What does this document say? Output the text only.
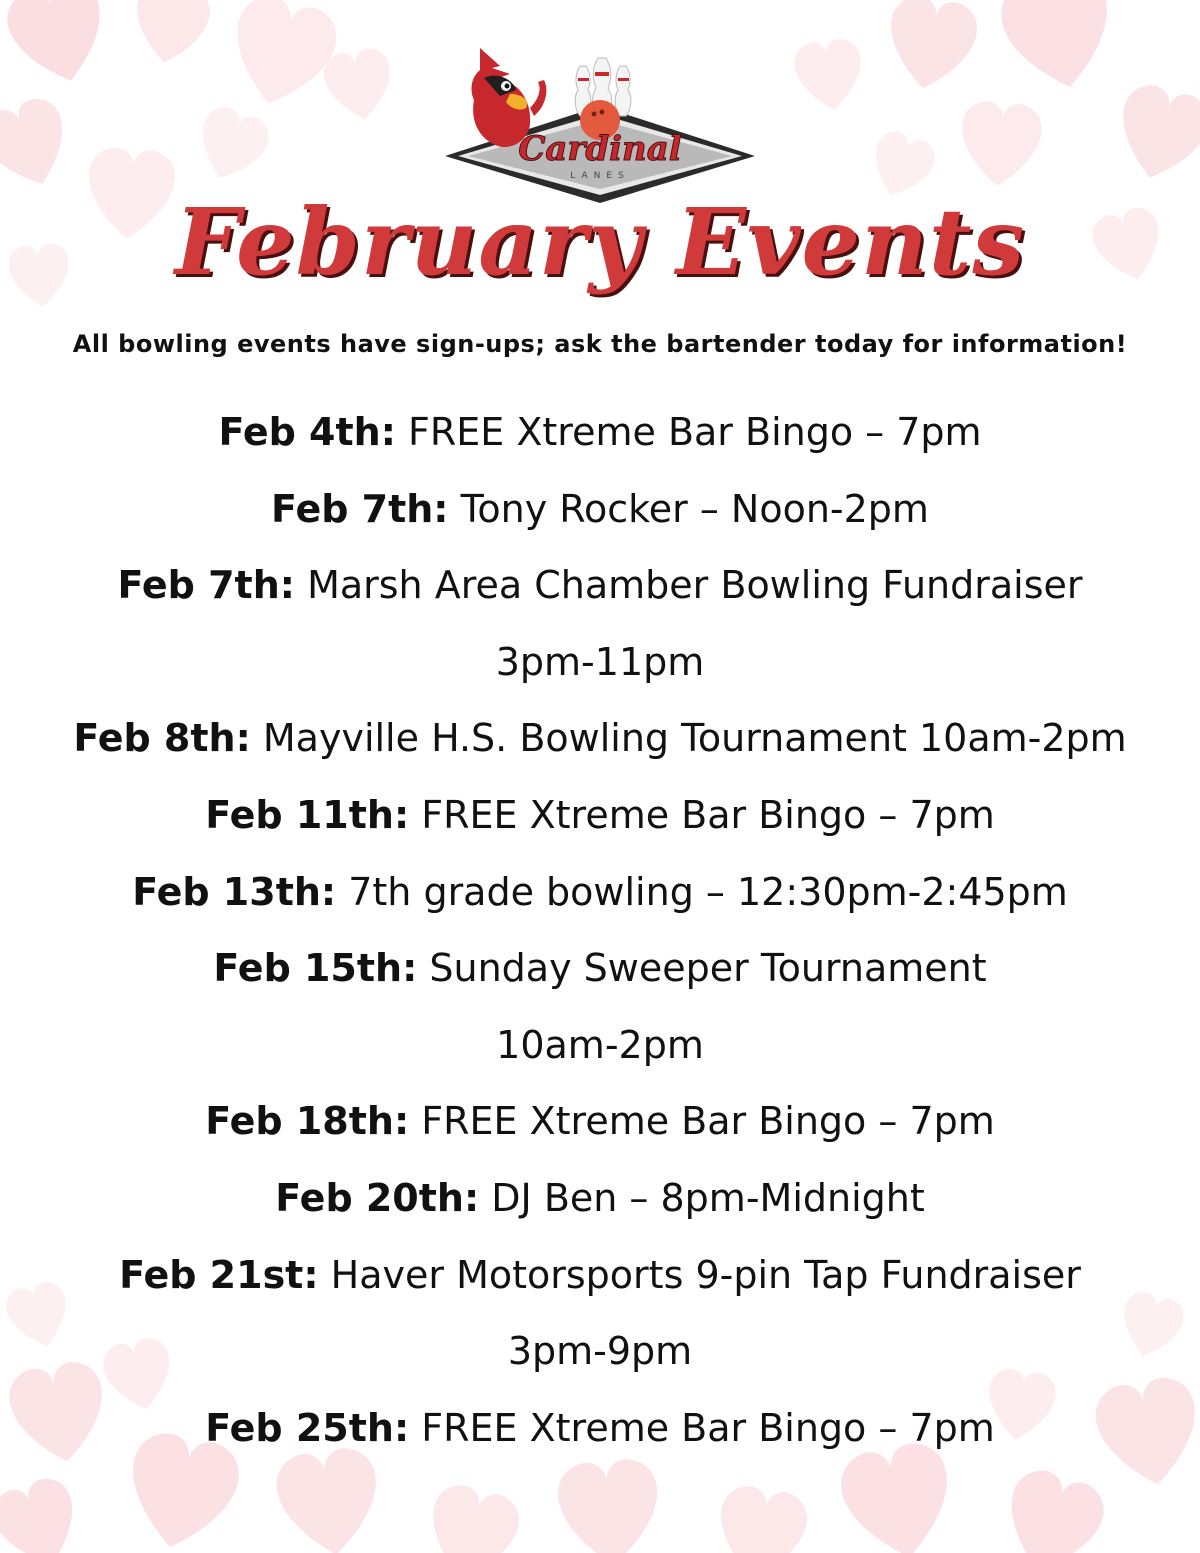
Cardinal
LANES
February Events
All bowling events have sign-ups; ask the bartender today for information!
Feb 4th: FREE Xtreme Bar Bingo – 7pm
Feb 7th: Tony Rocker – Noon-2pm
Feb 7th: Marsh Area Chamber Bowling Fundraiser
3pm-11pm
Feb 8th: Mayville H.S. Bowling Tournament 10am-2pm
Feb 11th: FREE Xtreme Bar Bingo – 7pm
Feb 13th: 7th grade bowling – 12:30pm-2:45pm
Feb 15th: Sunday Sweeper Tournament
10am-2pm
Feb 18th: FREE Xtreme Bar Bingo – 7pm
Feb 20th: DJ Ben – 8pm-Midnight
Feb 21st: Haver Motorsports 9-pin Tap Fundraiser
3pm-9pm
Feb 25th: FREE Xtreme Bar Bingo – 7pm
